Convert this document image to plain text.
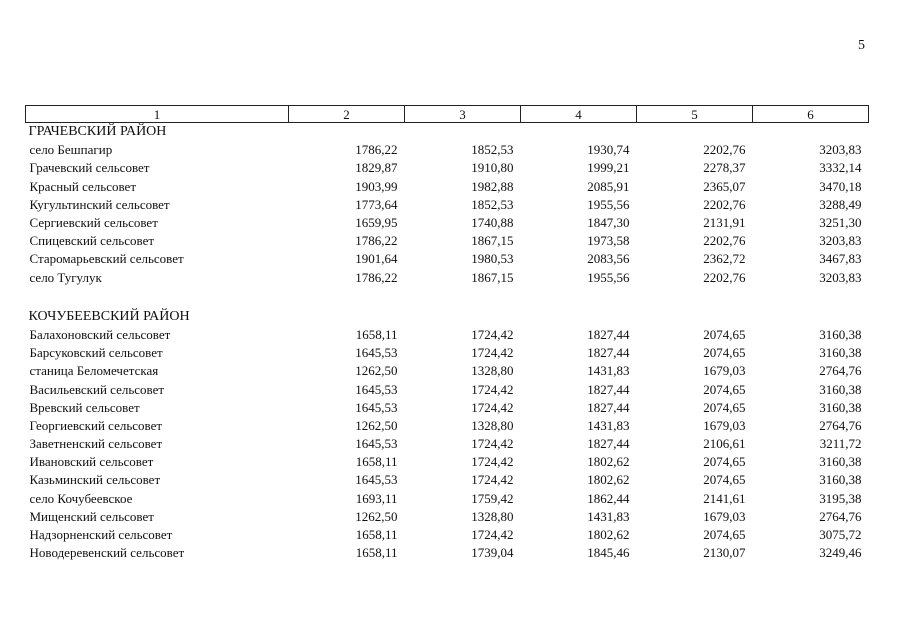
5
1	2	3	4	5	6
ГРАЧЕВСКИЙ РАЙОН					
село Бешпагир	1786,22	1852,53	1930,74	2202,76	3203,83
Грачевский сельсовет	1829,87	1910,80	1999,21	2278,37	3332,14
Красный сельсовет	1903,99	1982,88	2085,91	2365,07	3470,18
Кугультинский сельсовет	1773,64	1852,53	1955,56	2202,76	3288,49
Сергиевский сельсовет	1659,95	1740,88	1847,30	2131,91	3251,30
Спицевский сельсовет	1786,22	1867,15	1973,58	2202,76	3203,83
Старомарьевский сельсовет	1901,64	1980,53	2083,56	2362,72	3467,83
село Тугулук	1786,22	1867,15	1955,56	2202,76	3203,83

КОЧУБЕЕВСКИЙ РАЙОН					
Балахоновский сельсовет	1658,11	1724,42	1827,44	2074,65	3160,38
Барсуковский сельсовет	1645,53	1724,42	1827,44	2074,65	3160,38
станица Беломечетская	1262,50	1328,80	1431,83	1679,03	2764,76
Васильевский сельсовет	1645,53	1724,42	1827,44	2074,65	3160,38
Вревский сельсовет	1645,53	1724,42	1827,44	2074,65	3160,38
Георгиевский сельсовет	1262,50	1328,80	1431,83	1679,03	2764,76
Заветненский сельсовет	1645,53	1724,42	1827,44	2106,61	3211,72
Ивановский сельсовет	1658,11	1724,42	1802,62	2074,65	3160,38
Казьминский сельсовет	1645,53	1724,42	1802,62	2074,65	3160,38
село Кочубеевское	1693,11	1759,42	1862,44	2141,61	3195,38
Мищенский сельсовет	1262,50	1328,80	1431,83	1679,03	2764,76
Надзорненский сельсовет	1658,11	1724,42	1802,62	2074,65	3075,72
Новодеревенский сельсовет	1658,11	1739,04	1845,46	2130,07	3249,46
